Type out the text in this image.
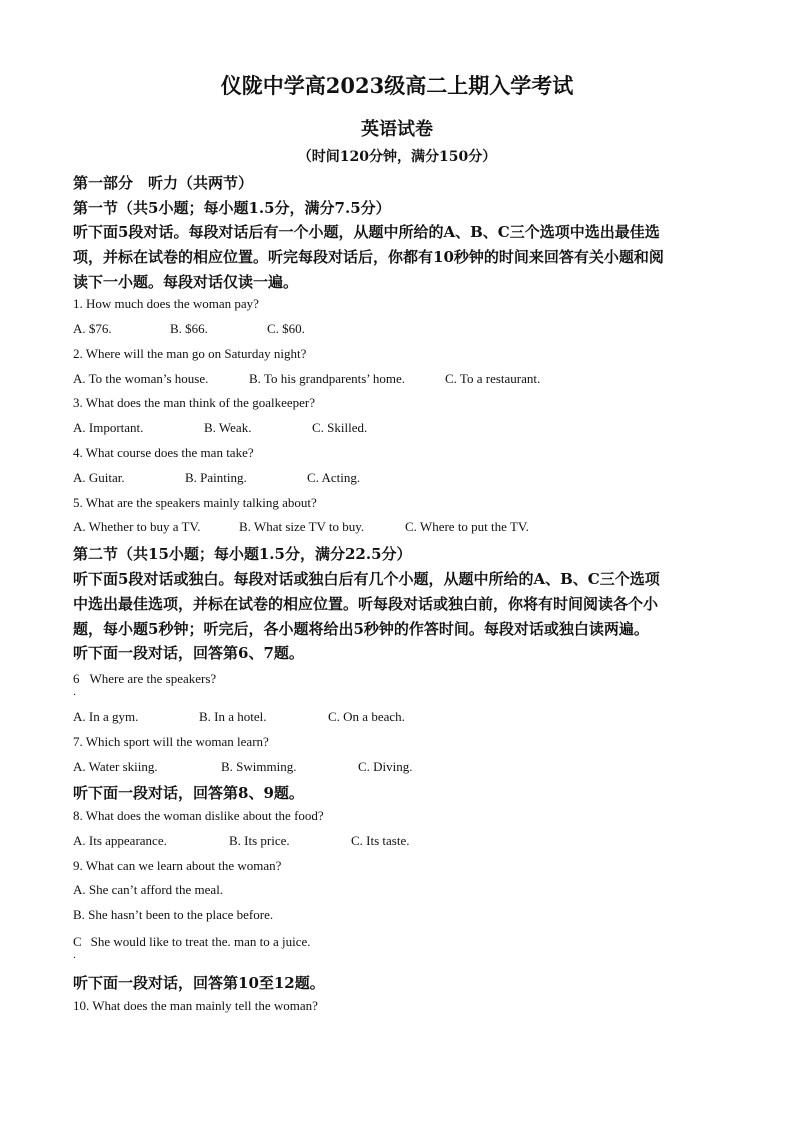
仪陇中学高2023级高二上期入学考试
英语试卷
（时间120分钟，满分150分）
第一部分　听力（共两节）
第一节（共5小题；每小题1.5分，满分7.5分）
听下面5段对话。每段对话后有一个小题，从题中所给的A、B、C三个选项中选出最佳选
项，并标在试卷的相应位置。听完每段对话后，你都有10秒钟的时间来回答有关小题和阅
读下一小题。每段对话仅读一遍。
1. How much does the woman pay?
A. $76.	B. $66.	C. $60.
2. Where will the man go on Saturday night?
A. To the woman’s house.	B. To his grandparents’ home.	C. To a restaurant.
3. What does the man think of the goalkeeper?
A. Important.	B. Weak.	C. Skilled.
4. What course does the man take?
A. Guitar.	B. Painting.	C. Acting.
5. What are the speakers mainly talking about?
A. Whether to buy a TV.	B. What size TV to buy.	C. Where to put the TV.
第二节（共15小题；每小题1.5分，满分22.5分）
听下面5段对话或独白。每段对话或独白后有几个小题，从题中所给的A、B、C三个选项
中选出最佳选项，并标在试卷的相应位置。听每段对话或独白前，你将有时间阅读各个小
题，每小题5秒钟；听完后，各小题将给出5秒钟的作答时间。每段对话或独白读两遍。
听下面一段对话，回答第6、7题。
6 Where are the speakers?
．
A. In a gym.	B. In a hotel.	C. On a beach.
7. Which sport will the woman learn?
A. Water skiing.	B. Swimming.	C. Diving.
听下面一段对话，回答第8、9题。
8. What does the woman dislike about the food?
A. Its appearance.	B. Its price.	C. Its taste.
9. What can we learn about the woman?
A. She can’t afford the meal.
B. She hasn’t been to the place before.
C She would like to treat the. man to a juice.
．
听下面一段对话，回答第10至12题。
10. What does the man mainly tell the woman?
